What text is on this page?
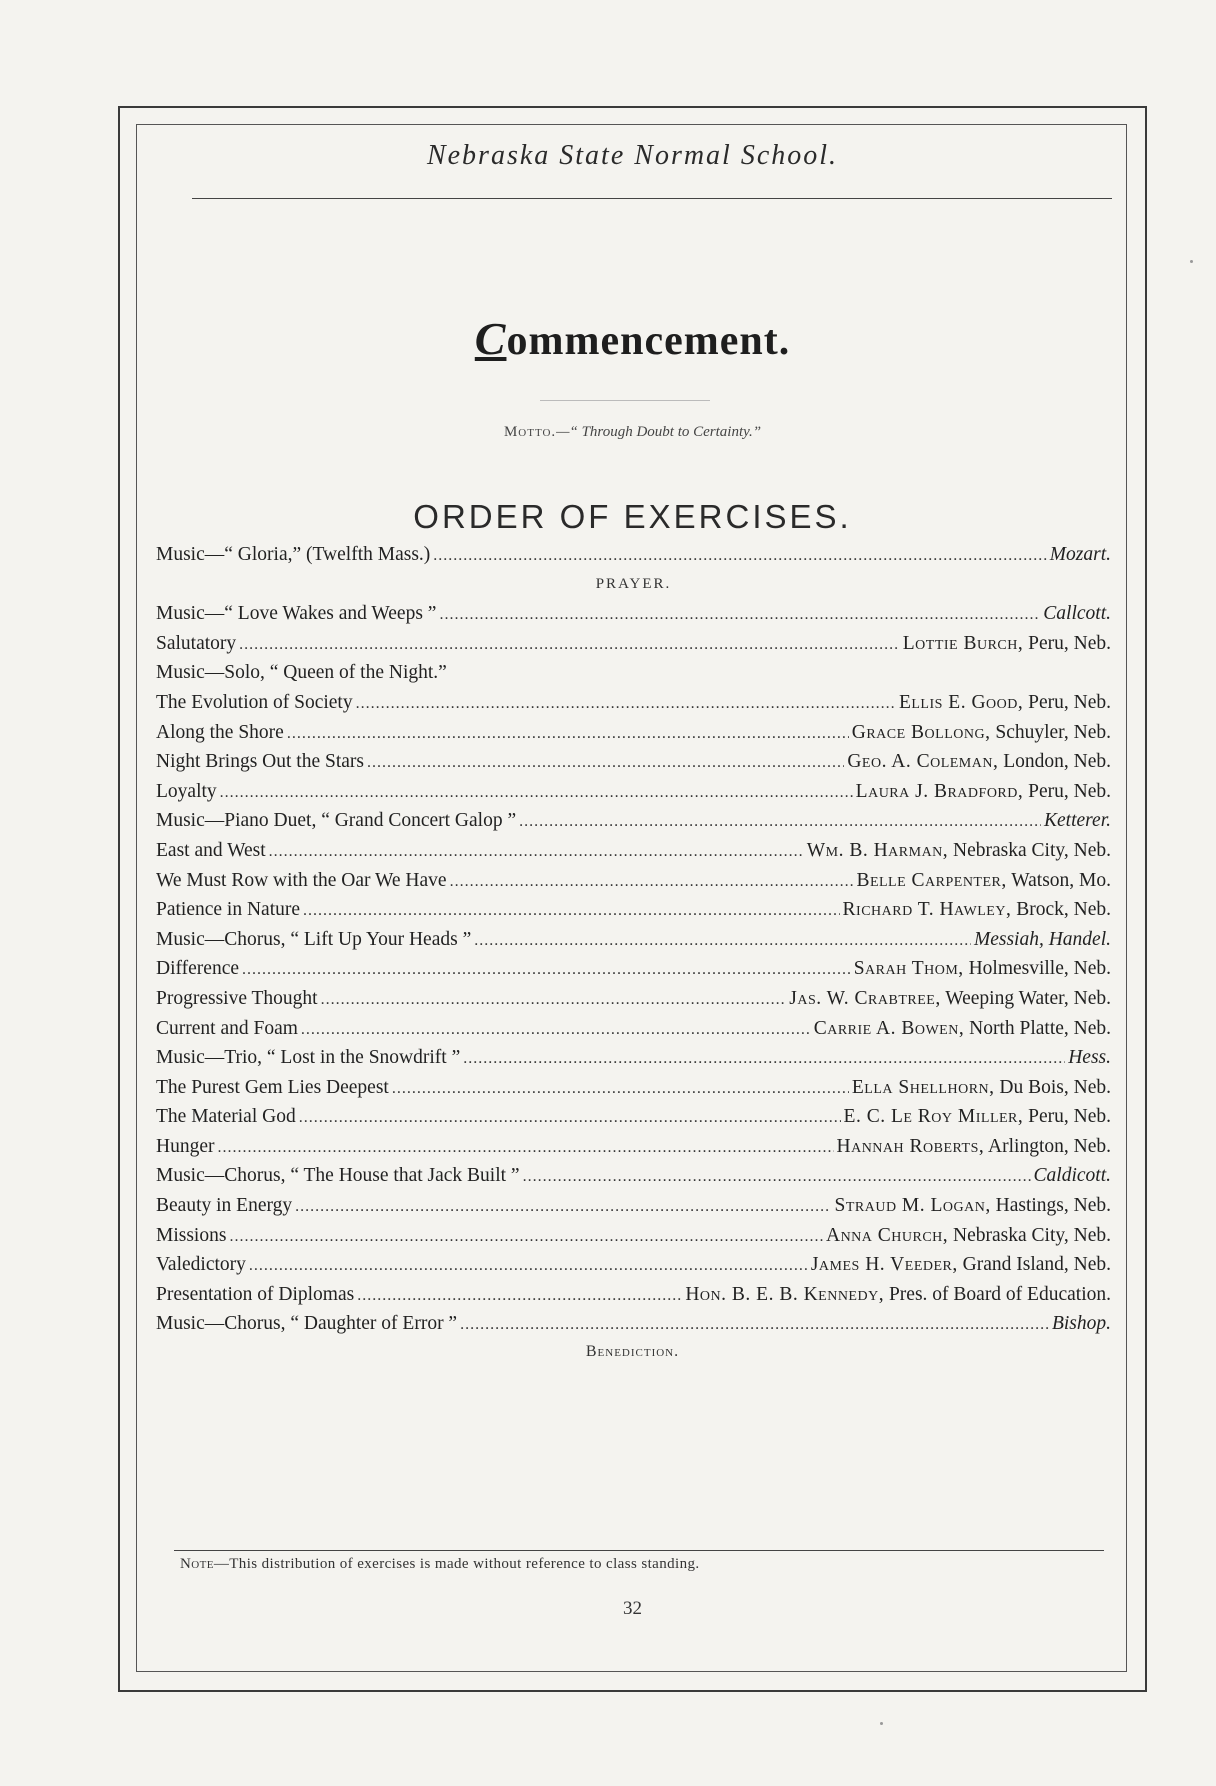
Nebraska State Normal School.
Commencement.
Motto.—“ Through Doubt to Certainty.”
ORDER OF EXERCISES.
Music—“ Gloria,” (Twelfth Mass.) .....	Mozart.
PRAYER.
Music—“ Love Wakes and Weeps ” .....	Callcott.
Salutatory .....	Lottie Burch, Peru, Neb.
Music—Solo, “ Queen of the Night.”
The Evolution of Society .....	Ellis E. Good, Peru, Neb.
Along the Shore .....	Grace Bollong, Schuyler, Neb.
Night Brings Out the Stars .....	Geo. A. Coleman, London, Neb.
Loyalty .....	Laura J. Bradford, Peru, Neb.
Music—Piano Duet, “ Grand Concert Galop ” .....	Ketterer.
East and West .....	Wm. B. Harman, Nebraska City, Neb.
We Must Row with the Oar We Have .....	Belle Carpenter, Watson, Mo.
Patience in Nature .....	Richard T. Hawley, Brock, Neb.
Music—Chorus, “ Lift Up Your Heads ” .....	Messiah, Handel.
Difference .....	Sarah Thom, Holmesville, Neb.
Progressive Thought .....	Jas. W. Crabtree, Weeping Water, Neb.
Current and Foam .....	Carrie A. Bowen, North Platte, Neb.
Music—Trio, “ Lost in the Snowdrift ” .....	Hess.
The Purest Gem Lies Deepest .....	Ella Shellhorn, Du Bois, Neb.
The Material God .....	E. C. Le Roy Miller, Peru, Neb.
Hunger .....	Hannah Roberts, Arlington, Neb.
Music—Chorus, “ The House that Jack Built ” .....	Caldicott.
Beauty in Energy .....	Straud M. Logan, Hastings, Neb.
Missions .....	Anna Church, Nebraska City, Neb.
Valedictory .....	James H. Veeder, Grand Island, Neb.
Presentation of Diplomas .....	Hon. B. E. B. Kennedy, Pres. of Board of Education.
Music—Chorus, “ Daughter of Error ” .....	Bishop.
Benediction.
Note—This distribution of exercises is made without reference to class standing.
32
